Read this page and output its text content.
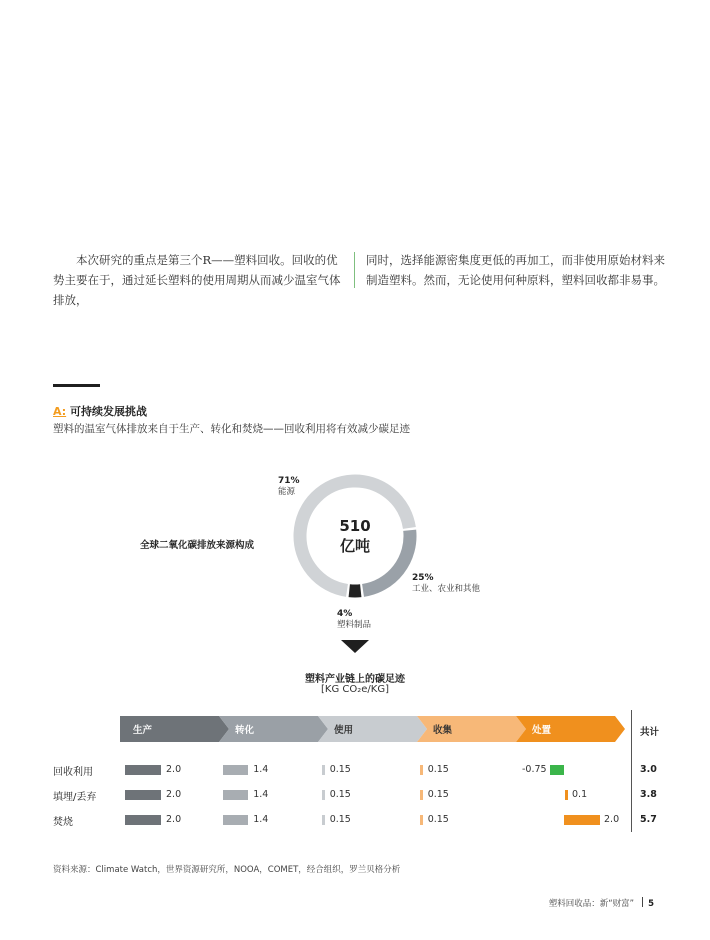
本次研究的重点是第三个R——塑料回收。回收的优势主要在于，通过延长塑料的使用周期从而减少温室气体排放，

同时，选择能源密集度更低的再加工，而非使用原始材料来制造塑料。然而，无论使用何种原料，塑料回收都非易事。

A: 可持续发展挑战
塑料的温室气体排放来自于生产、转化和焚烧——回收利用将有效减少碳足迹
全球二氧化碳排放来源构成
510
亿吨
71%
能源
25%
工业、农业和其他
4%
塑料制品
塑料产业链上的碳足迹
[KG CO₂e/KG]
生产	转化	使用	收集	处置	共计
回收利用	2.0	1.4	0.15	0.15	-0.75	3.0
填埋/丢弃	2.0	1.4	0.15	0.15	0.1	3.8
焚烧	2.0	1.4	0.15	0.15	2.0 5.7
资料来源：Climate Watch，世界资源研究所，NOOA，COMET，经合组织，罗兰贝格分析
塑料回收品：新“财富” 5
